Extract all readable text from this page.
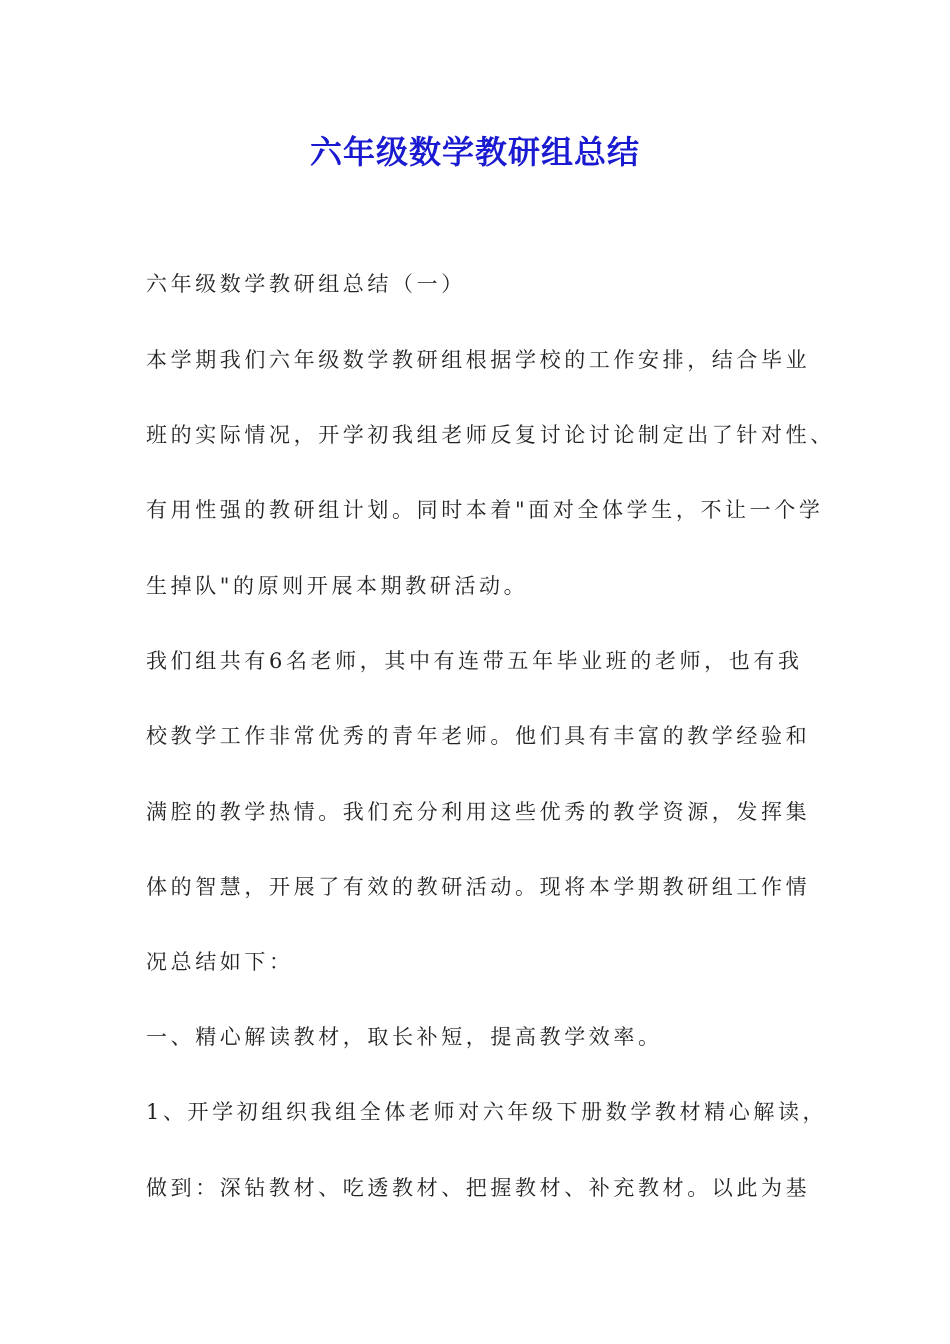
六年级数学教研组总结
六年级数学教研组总结（一）
本学期我们六年级数学教研组根据学校的工作安排，结合毕业
班的实际情况，开学初我组老师反复讨论讨论制定出了针对性、
有用性强的教研组计划。同时本着"面对全体学生，不让一个学
生掉队"的原则开展本期教研活动。
我们组共有6名老师，其中有连带五年毕业班的老师，也有我
校教学工作非常优秀的青年老师。他们具有丰富的教学经验和
满腔的教学热情。我们充分利用这些优秀的教学资源，发挥集
体的智慧，开展了有效的教研活动。现将本学期教研组工作情
况总结如下：
一、精心解读教材，取长补短，提高教学效率。
1、开学初组织我组全体老师对六年级下册数学教材精心解读，
做到：深钻教材、吃透教材、把握教材、补充教材。以此为基
